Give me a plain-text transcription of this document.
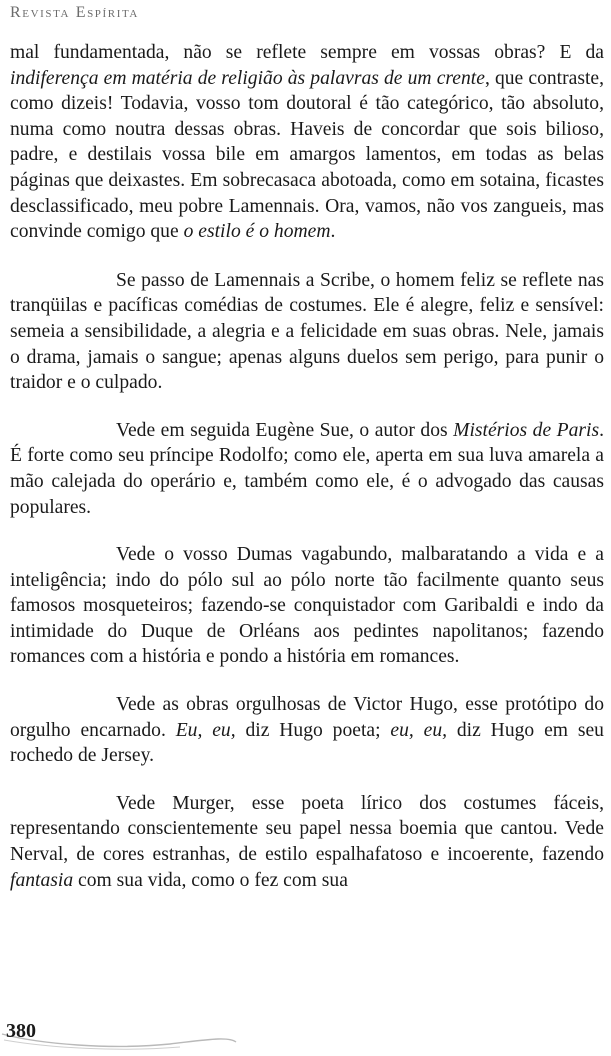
Revista Espírita

mal fundamentada, não se reflete sempre em vossas obras? E da indiferença em matéria de religião às palavras de um crente, que contraste, como dizeis! Todavia, vosso tom doutoral é tão categórico, tão absoluto, numa como noutra dessas obras. Haveis de concordar que sois bilioso, padre, e destilais vossa bile em amargos lamentos, em todas as belas páginas que deixastes. Em sobrecasaca abotoada, como em sotaina, ficastes desclassificado, meu pobre Lamennais. Ora, vamos, não vos zangueis, mas convinde comigo que o estilo é o homem.

Se passo de Lamennais a Scribe, o homem feliz se reflete nas tranqüilas e pacíficas comédias de costumes. Ele é alegre, feliz e sensível: semeia a sensibilidade, a alegria e a felicidade em suas obras. Nele, jamais o drama, jamais o sangue; apenas alguns duelos sem perigo, para punir o traidor e o culpado.

Vede em seguida Eugène Sue, o autor dos Mistérios de Paris. É forte como seu príncipe Rodolfo; como ele, aperta em sua luva amarela a mão calejada do operário e, também como ele, é o advogado das causas populares.

Vede o vosso Dumas vagabundo, malbaratando a vida e a inteligência; indo do pólo sul ao pólo norte tão facilmente quanto seus famosos mosqueteiros; fazendo-se conquistador com Garibaldi e indo da intimidade do Duque de Orléans aos pedintes napolitanos; fazendo romances com a história e pondo a história em romances.

Vede as obras orgulhosas de Victor Hugo, esse protótipo do orgulho encarnado. Eu, eu, diz Hugo poeta; eu, eu, diz Hugo em seu rochedo de Jersey.

Vede Murger, esse poeta lírico dos costumes fáceis, representando conscientemente seu papel nessa boemia que cantou. Vede Nerval, de cores estranhas, de estilo espalhafatoso e incoerente, fazendo fantasia com sua vida, como o fez com sua

380
